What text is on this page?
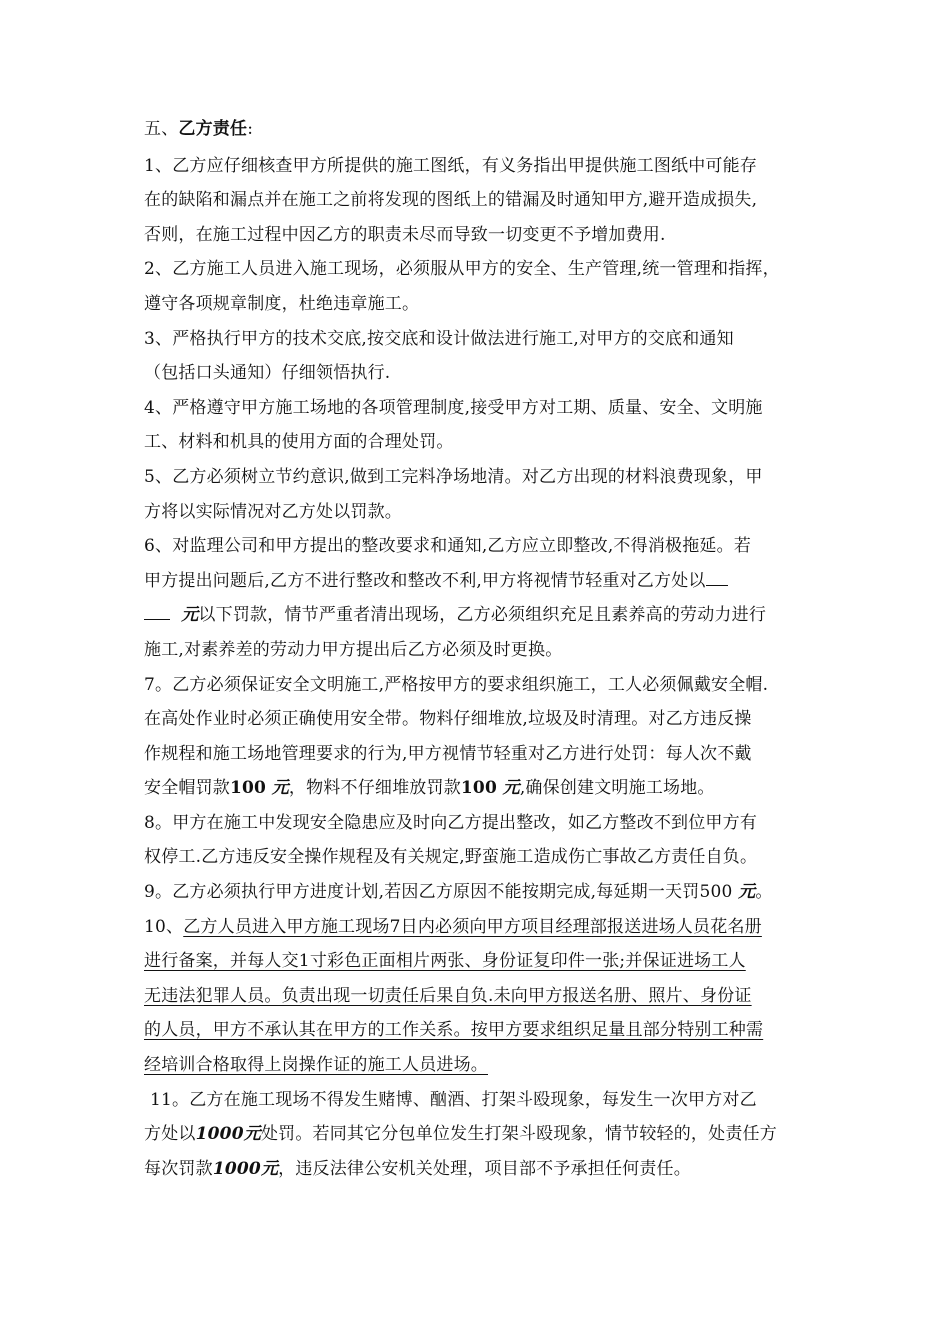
五、乙方责任:
1、乙方应仔细核查甲方所提供的施工图纸，有义务指出甲提供施工图纸中可能存
在的缺陷和漏点并在施工之前将发现的图纸上的错漏及时通知甲方,避开造成损失,
否则，在施工过程中因乙方的职责未尽而导致一切变更不予增加费用.
2、乙方施工人员进入施工现场，必须服从甲方的安全、生产管理,统一管理和指挥，
遵守各项规章制度，杜绝违章施工。
3、严格执行甲方的技术交底,按交底和设计做法进行施工,对甲方的交底和通知
（包括口头通知）仔细领悟执行.
4、严格遵守甲方施工场地的各项管理制度,接受甲方对工期、质量、安全、文明施
工、材料和机具的使用方面的合理处罚。
5、乙方必须树立节约意识,做到工完料净场地清。对乙方出现的材料浪费现象，甲
方将以实际情况对乙方处以罚款。
6、对监理公司和甲方提出的整改要求和通知,乙方应立即整改,不得消极拖延。若
甲方提出问题后,乙方不进行整改和整改不利,甲方将视情节轻重对乙方处以
元以下罚款，情节严重者清出现场，乙方必须组织充足且素养高的劳动力进行
施工,对素养差的劳动力甲方提出后乙方必须及时更换。
7。乙方必须保证安全文明施工,严格按甲方的要求组织施工，工人必须佩戴安全帽.
在高处作业时必须正确使用安全带。物料仔细堆放,垃圾及时清理。对乙方违反操
作规程和施工场地管理要求的行为,甲方视情节轻重对乙方进行处罚：每人次不戴
安全帽罚款100 元，物料不仔细堆放罚款100 元,确保创建文明施工场地。
8。甲方在施工中发现安全隐患应及时向乙方提出整改，如乙方整改不到位甲方有
权停工.乙方违反安全操作规程及有关规定,野蛮施工造成伤亡事故乙方责任自负。
9。乙方必须执行甲方进度计划,若因乙方原因不能按期完成,每延期一天罚500 元。
10、乙方人员进入甲方施工现场7日内必须向甲方项目经理部报送进场人员花名册
进行备案，并每人交1寸彩色正面相片两张、身份证复印件一张;并保证进场工人
无违法犯罪人员。负责出现一切责任后果自负.未向甲方报送名册、照片、身份证
的人员，甲方不承认其在甲方的工作关系。按甲方要求组织足量且部分特别工种需
经培训合格取得上岗操作证的施工人员进场。
11。乙方在施工现场不得发生赌博、酗酒、打架斗殴现象，每发生一次甲方对乙
方处以1000元处罚。若同其它分包单位发生打架斗殴现象，情节较轻的，处责任方
每次罚款1000元，违反法律公安机关处理，项目部不予承担任何责任。
